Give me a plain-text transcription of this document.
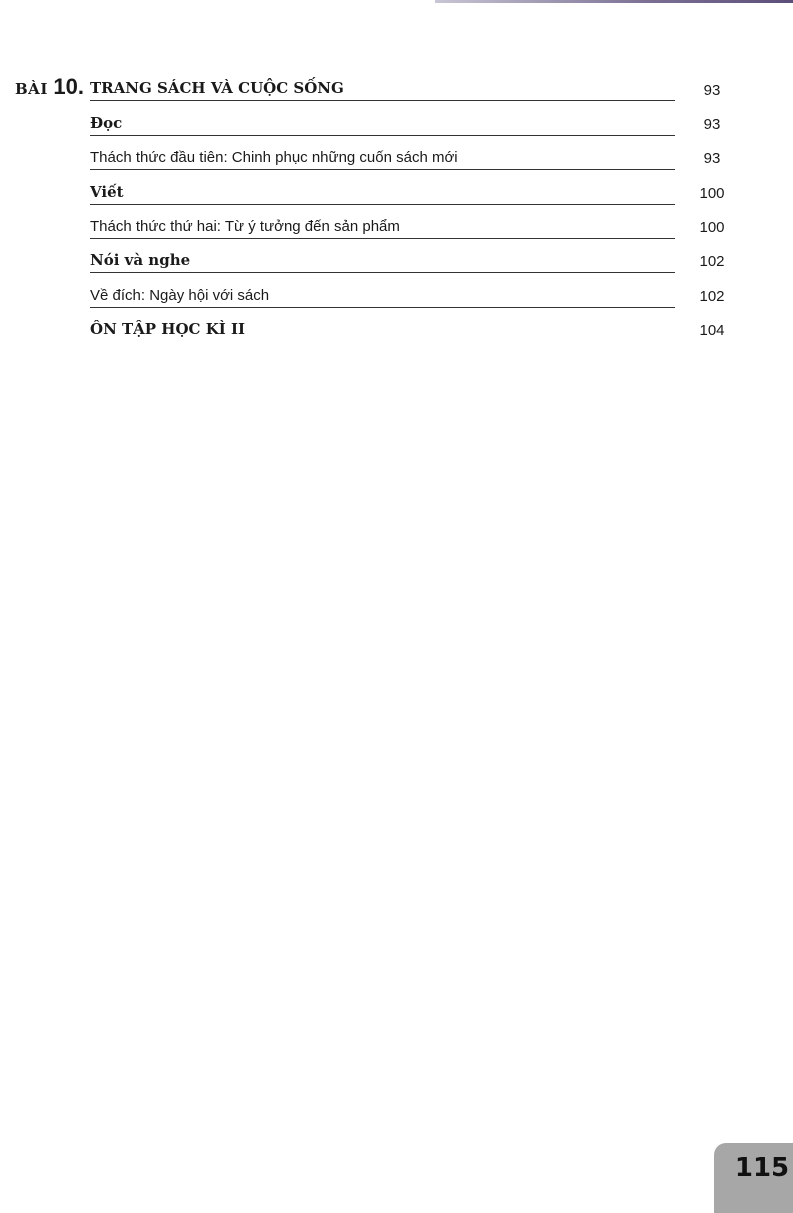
BÀI 10. TRANG SÁCH VÀ CUỘC SỐNG	93
Đọc	93
Thách thức đầu tiên: Chinh phục những cuốn sách mới	93
Viết	100
Thách thức thứ hai: Từ ý tưởng đến sản phẩm	100
Nói và nghe	102
Về đích: Ngày hội với sách	102
ÔN TẬP HỌC KÌ II	104
115
